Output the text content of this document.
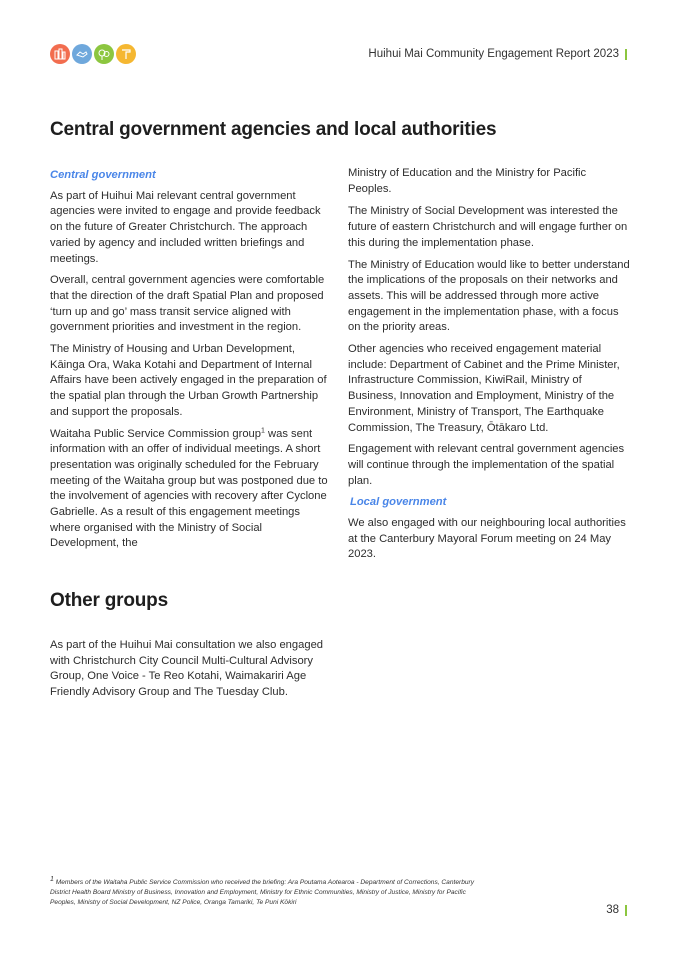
Huihui Mai Community Engagement Report 2023
Central government agencies and local authorities
Central government

As part of Huihui Mai relevant central government agencies were invited to engage and provide feedback on the future of Greater Christchurch. The approach varied by agency and included written briefings and meetings.

Overall, central government agencies were comfortable that the direction of the draft Spatial Plan and proposed ‘turn up and go’ mass transit service aligned with government priorities and investment in the region.

The Ministry of Housing and Urban Development, Kāinga Ora, Waka Kotahi and Department of Internal Affairs have been actively engaged in the preparation of the spatial plan through the Urban Growth Partnership and support the proposals.

Waitaha Public Service Commission group$^1$ was sent information with an offer of individual meetings. A short presentation was originally scheduled for the February meeting of the Waitaha group but was postponed due to the involvement of agencies with recovery after Cyclone Gabrielle. As a result of this engagement meetings where organised with the Ministry of Social Development, the

Ministry of Education and the Ministry for Pacific Peoples.

The Ministry of Social Development was interested the future of eastern Christchurch and will engage further on this during the implementation phase.

The Ministry of Education would like to better understand the implications of the proposals on their networks and assets. This will be addressed through more active engagement in the implementation phase, with a focus on the priority areas.

Other agencies who received engagement material include: Department of Cabinet and the Prime Minister, Infrastructure Commission, KiwiRail, Ministry of Business, Innovation and Employment, Ministry of the Environment, Ministry of Transport, The Earthquake Commission, The Treasury, Ōtākaro Ltd.

Engagement with relevant central government agencies will continue through the implementation of the spatial plan.

Local government

We also engaged with our neighbouring local authorities at the Canterbury Mayoral Forum meeting on 24 May 2023.

Other groups
As part of the Huihui Mai consultation we also engaged with Christchurch City Council Multi-Cultural Advisory Group, One Voice - Te Reo Kotahi, Waimakariri Age Friendly Advisory Group and The Tuesday Club.
$^1$ Members of the Waitaha Public Service Commission who received the briefing: Ara Poutama Aotearoa - Department of Corrections, Canterbury District Health Board Ministry of Business, Innovation and Employment, Ministry for Ethnic Communities, Ministry of Justice, Ministry for Pacific Peoples, Ministry of Social Development, NZ Police, Oranga Tamariki, Te Puni Kōkiri
38
